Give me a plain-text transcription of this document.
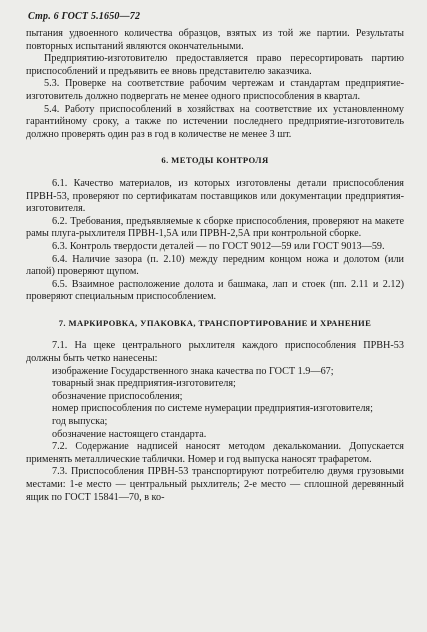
Стр. 6 ГОСТ 5.1650—72

пытания удвоенного количества образцов, взятых из той же партии. Результаты повторных испытаний являются окончательными.

Предприятию-изготовителю предоставляется право пересортировать партию приспособлений и предъявить ее вновь представителю заказчика.

5.3. Проверке на соответствие рабочим чертежам и стандартам предприятие-изготовитель должно подвергать не менее одного приспособления в квартал.

5.4. Работу приспособлений в хозяйствах на соответствие их установленному гарантийному сроку, а также по истечении последнего предприятие-изготовитель должно проверять один раз в год в количестве не менее 3 шт.

6. МЕТОДЫ КОНТРОЛЯ

6.1. Качество материалов, из которых изготовлены детали приспособления ПРВН-53, проверяют по сертификатам поставщиков или документации предприятия-изготовителя.

6.2. Требования, предъявляемые к сборке приспособления, проверяют на макете рамы плуга-рыхлителя ПРВН-1,5А или ПРВН-2,5А при контрольной сборке.

6.3. Контроль твердости деталей — по ГОСТ 9012—59 или ГОСТ 9013—59.

6.4. Наличие зазора (п. 2.10) между передним концом ножа и долотом (или лапой) проверяют щупом.

6.5. Взаимное расположение долота и башмака, лап и стоек (пп. 2.11 и 2.12) проверяют специальным приспособлением.

7. МАРКИРОВКА, УПАКОВКА, ТРАНСПОРТИРОВАНИЕ И ХРАНЕНИЕ

7.1. На щеке центрального рыхлителя каждого приспособления ПРВН-53 должны быть четко нанесены:

изображение Государственного знака качества по ГОСТ 1.9—67;

товарный знак предприятия-изготовителя;

обозначение приспособления;

номер приспособления по системе нумерации предприятия-изготовителя;

год выпуска;

обозначение настоящего стандарта.

7.2. Содержание надписей наносят методом декалькомании. Допускается применять металлические таблички. Номер и год выпуска наносят трафаретом.

7.3. Приспособления ПРВН-53 транспортируют потребителю двумя грузовыми местами: 1-е место — центральный рыхлитель; 2-е место — сплошной деревянный ящик по ГОСТ 15841—70, в ко-
